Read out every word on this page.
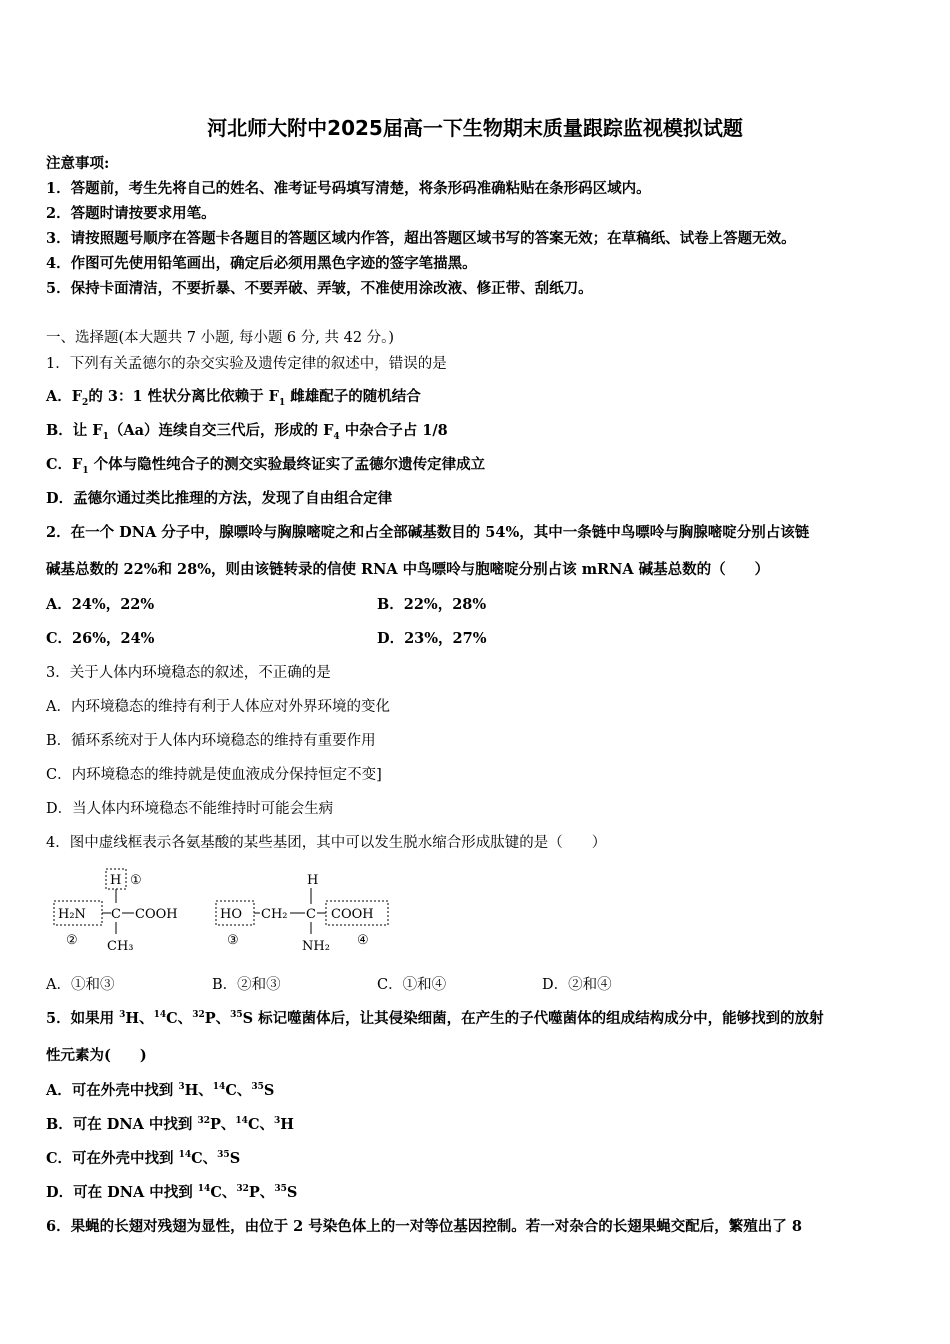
河北师大附中2025届高一下生物期末质量跟踪监视模拟试题
注意事项:
1．答题前，考生先将自己的姓名、准考证号码填写清楚，将条形码准确粘贴在条形码区域内。
2．答题时请按要求用笔。
3．请按照题号顺序在答题卡各题目的答题区域内作答，超出答题区域书写的答案无效；在草稿纸、试卷上答题无效。
4．作图可先使用铅笔画出，确定后必须用黑色字迹的签字笔描黑。
5．保持卡面清洁，不要折暴、不要弄破、弄皱，不准使用涂改液、修正带、刮纸刀。
一、选择题(本大题共 7 小题, 每小题 6 分, 共 42 分。)
1．下列有关孟德尔的杂交实验及遗传定律的叙述中，错误的是
A．$F_2$的 3：1 性状分离比依赖于 $F_1$ 雌雄配子的随机结合
B．让 $F_1(Aa)$连续自交三代后，形成的 $F_4$ 中杂合子占 1/8
C．$F_1$ 个体与隐性纯合子的测交实验最终证实了孟德尔遗传定律成立
D．孟德尔通过类比推理的方法，发现了自由组合定律
2．在一个 DNA 分子中，腺嘌呤与胸腺嘧啶之和占全部碱基数目的 54%，其中一条链中鸟嘌呤与胸腺嘧啶分别占该链
碱基总数的 22%和 28%，则由该链转录的信使 RNA 中鸟嘌呤与胞嘧啶分别占该 mRNA 碱基总数的（　　）
A．24%，22%	B．22%，28%
C．26%，24%	D．23%，27%
3．关于人体内环境稳态的叙述，不正确的是
A．内环境稳态的维持有利于人体应对外界环境的变化
B．循环系统对于人体内环境稳态的维持有重要作用
C．内环境稳态的维持就是使血液成分保持恒定不变]
D．当人体内环境稳态不能维持时可能会生病
4．图中虚线框表示各氨基酸的某些基团，其中可以发生脱水缩合形成肽键的是（　　）
H ①
H₂N C COOH
CH₃
②
HO CH₂ C
H
COOH
NH₂
③	④
A．①和③	B．②和③	C．①和④	D．②和④
5．如果用 $^3$H、$^{14}$C、$^{32}$P、$^{35}$S 标记噬菌体后，让其侵染细菌，在产生的子代噬菌体的组成结构成分中，能够找到的放射
性元素为(　　)
A．可在外壳中找到 $^3$H、$^{14}$C、$^{35}$S
B．可在 DNA 中找到 $^{32}$P、$^{14}$C、$^3$H
C．可在外壳中找到 $^{14}$C、$^{35}$S
D．可在 DNA 中找到 $^{14}$C、$^{32}$P、$^{35}$S
6．果蝇的长翅对残翅为显性，由位于 2 号染色体上的一对等位基因控制。若一对杂合的长翅果蝇交配后，繁殖出了 8
